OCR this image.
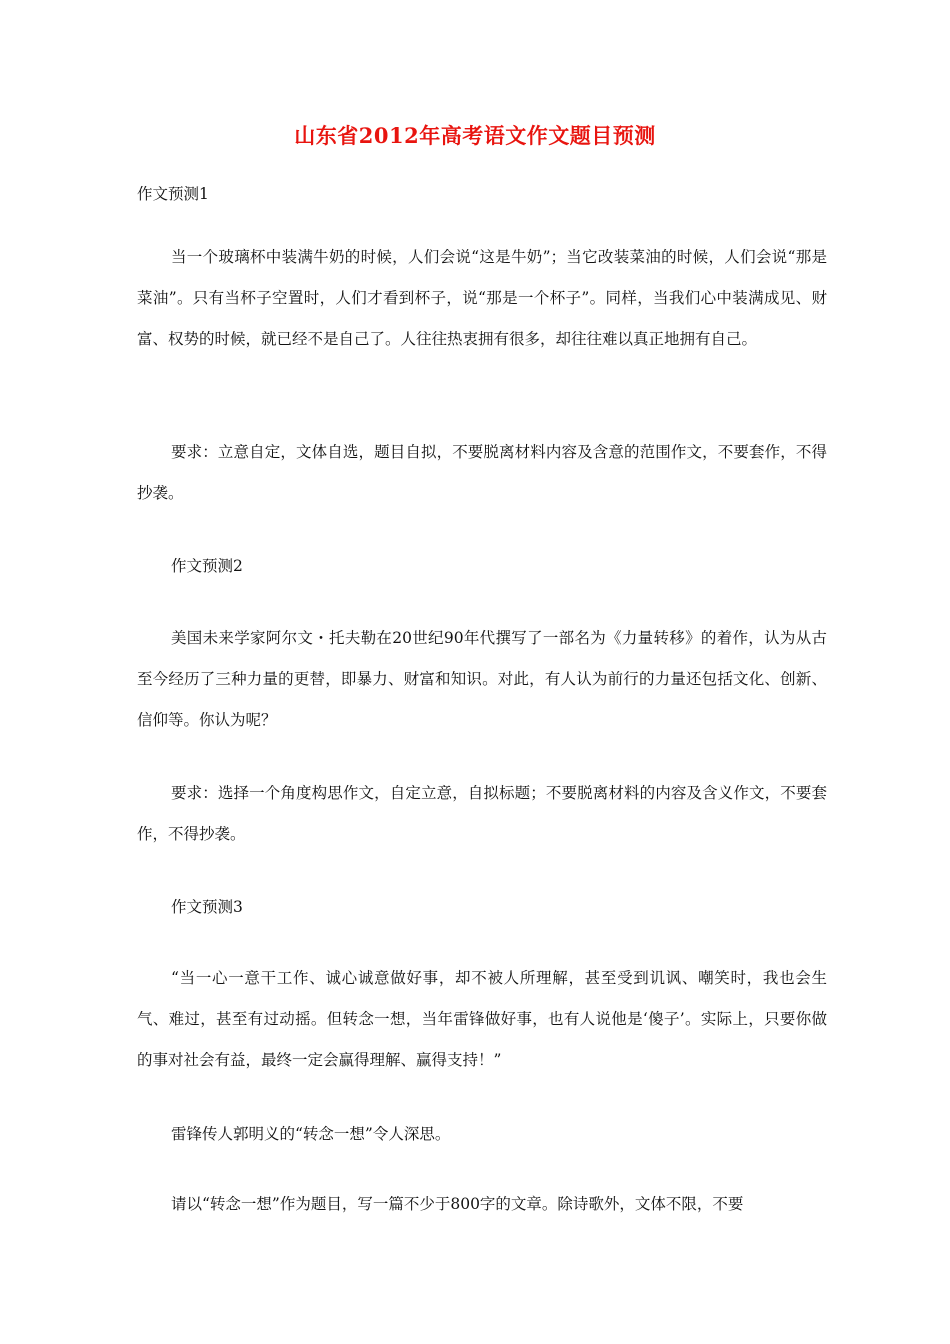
山东省2012年高考语文作文题目预测

作文预测1

当一个玻璃杯中装满牛奶的时候，人们会说“这是牛奶”；当它改装菜油的时候，人们会说“那是菜油”。只有当杯子空置时，人们才看到杯子，说“那是一个杯子”。同样，当我们心中装满成见、财富、权势的时候，就已经不是自己了。人往往热衷拥有很多，却往往难以真正地拥有自己。

要求：立意自定，文体自选，题目自拟，不要脱离材料内容及含意的范围作文，不要套作，不得抄袭。

作文预测2

美国未来学家阿尔文・托夫勒在20世纪90年代撰写了一部名为《力量转移》的着作，认为从古至今经历了三种力量的更替，即暴力、财富和知识。对此，有人认为前行的力量还包括文化、创新、信仰等。你认为呢？

要求：选择一个角度构思作文，自定立意，自拟标题；不要脱离材料的内容及含义作文，不要套作，不得抄袭。

作文预测3

“当一心一意干工作、诚心诚意做好事，却不被人所理解，甚至受到讥讽、嘲笑时，我也会生气、难过，甚至有过动摇。但转念一想，当年雷锋做好事，也有人说他是‘傻子’。实际上，只要你做的事对社会有益，最终一定会赢得理解、赢得支持！”

雷锋传人郭明义的“转念一想”令人深思。

请以“转念一想”作为题目，写一篇不少于800字的文章。除诗歌外，文体不限，不要
